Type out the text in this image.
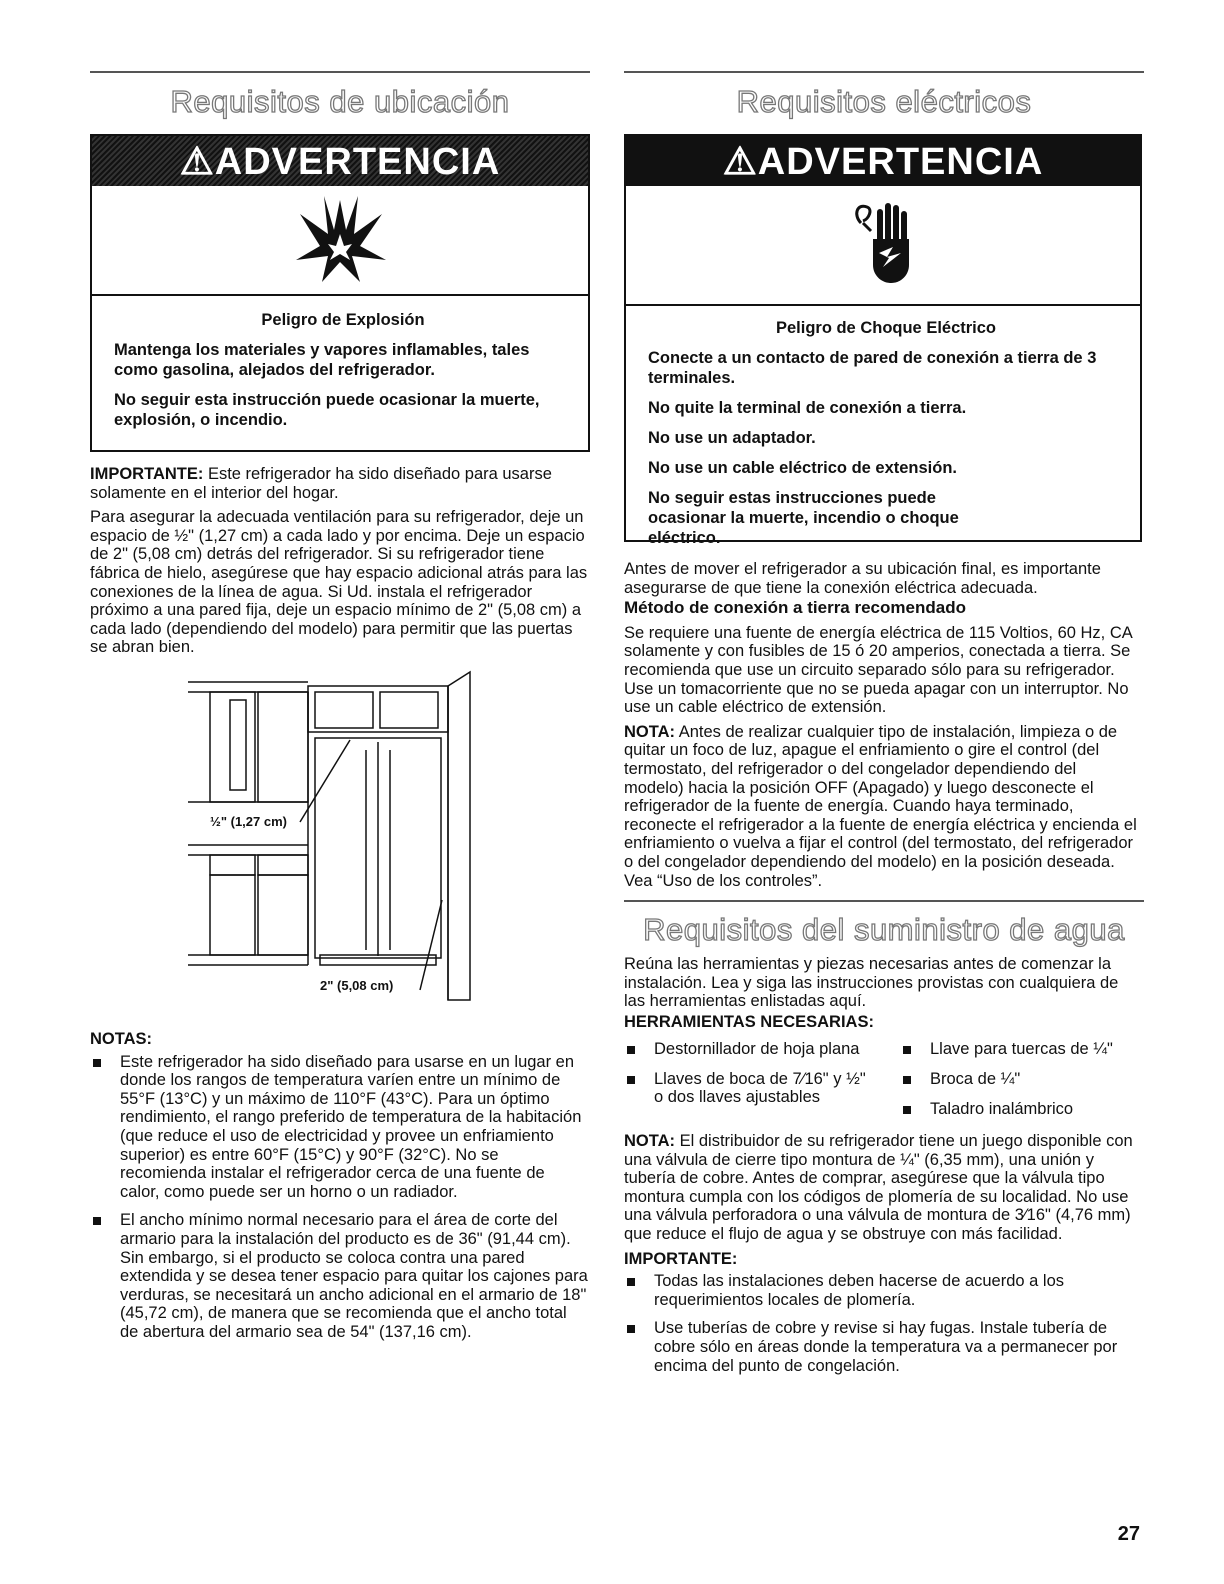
Requisitos de ubicación
⚠ADVERTENCIA

Peligro de Explosión

Mantenga los materiales y vapores inflamables, tales como gasolina, alejados del refrigerador.

No seguir esta instrucción puede ocasionar la muerte, explosión, o incendio.

IMPORTANTE: Este refrigerador ha sido diseñado para usarse solamente en el interior del hogar.

Para asegurar la adecuada ventilación para su refrigerador, deje un espacio de ½" (1,27 cm) a cada lado y por encima. Deje un espacio de 2" (5,08 cm) detrás del refrigerador. Si su refrigerador tiene fábrica de hielo, asegúrese que hay espacio adicional atrás para las conexiones de la línea de agua. Si Ud. instala el refrigerador próximo a una pared fija, deje un espacio mínimo de 2" (5,08 cm) a cada lado (dependiendo del modelo) para permitir que las puertas se abran bien.

½" (1,27 cm)
2" (5,08 cm)

NOTAS:

Este refrigerador ha sido diseñado para usarse en un lugar en donde los rangos de temperatura varíen entre un mínimo de 55°F (13°C) y un máximo de 110°F (43°C). Para un óptimo rendimiento, el rango preferido de temperatura de la habitación (que reduce el uso de electricidad y provee un enfriamiento superior) es entre 60°F (15°C) y 90°F (32°C). No se recomienda instalar el refrigerador cerca de una fuente de calor, como puede ser un horno o un radiador.
El ancho mínimo normal necesario para el área de corte del armario para la instalación del producto es de 36" (91,44 cm). Sin embargo, si el producto se coloca contra una pared extendida y se desea tener espacio para quitar los cajones para verduras, se necesitará un ancho adicional en el armario de 18" (45,72 cm), de manera que se recomienda que el ancho total de abertura del armario sea de 54" (137,16 cm).
Requisitos eléctricos
⚠ADVERTENCIA

Peligro de Choque Eléctrico

Conecte a un contacto de pared de conexión a tierra de 3 terminales.

No quite la terminal de conexión a tierra.

No use un adaptador.

No use un cable eléctrico de extensión.

No seguir estas instrucciones puede ocasionar la muerte, incendio o choque eléctrico.

Antes de mover el refrigerador a su ubicación final, es importante asegurarse de que tiene la conexión eléctrica adecuada.

Método de conexión a tierra recomendado

Se requiere una fuente de energía eléctrica de 115 Voltios, 60 Hz, CA solamente y con fusibles de 15 ó 20 amperios, conectada a tierra. Se recomienda que use un circuito separado sólo para su refrigerador. Use un tomacorriente que no se pueda apagar con un interruptor. No use un cable eléctrico de extensión.

NOTA: Antes de realizar cualquier tipo de instalación, limpieza o de quitar un foco de luz, apague el enfriamiento o gire el control (del termostato, del refrigerador o del congelador dependiendo del modelo) hacia la posición OFF (Apagado) y luego desconecte el refrigerador de la fuente de energía. Cuando haya terminado, reconecte el refrigerador a la fuente de energía eléctrica y encienda el enfriamiento o vuelva a fijar el control (del termostato, del refrigerador o del congelador dependiendo del modelo) en la posición deseada. Vea “Uso de los controles”.

Requisitos del suministro de agua

Reúna las herramientas y piezas necesarias antes de comenzar la instalación. Lea y siga las instrucciones provistas con cualquiera de las herramientas enlistadas aquí.

HERRAMIENTAS NECESARIAS:

Destornillador de hoja plana
Llaves de boca de 7⁄16" y ½"
o dos llaves ajustables
Llave para tuercas de ¼"
Broca de ¼"
Taladro inalámbrico

NOTA: El distribuidor de su refrigerador tiene un juego disponible con una válvula de cierre tipo montura de ¼" (6,35 mm), una unión y tubería de cobre. Antes de comprar, asegúrese que la válvula tipo montura cumpla con los códigos de plomería de su localidad. No use una válvula perforadora o una válvula de montura de 3⁄16" (4,76 mm) que reduce el flujo de agua y se obstruye con más facilidad.

IMPORTANTE:

Todas las instalaciones deben hacerse de acuerdo a los requerimientos locales de plomería.
Use tuberías de cobre y revise si hay fugas. Instale tubería de cobre sólo en áreas donde la temperatura va a permanecer por encima del punto de congelación.
27
